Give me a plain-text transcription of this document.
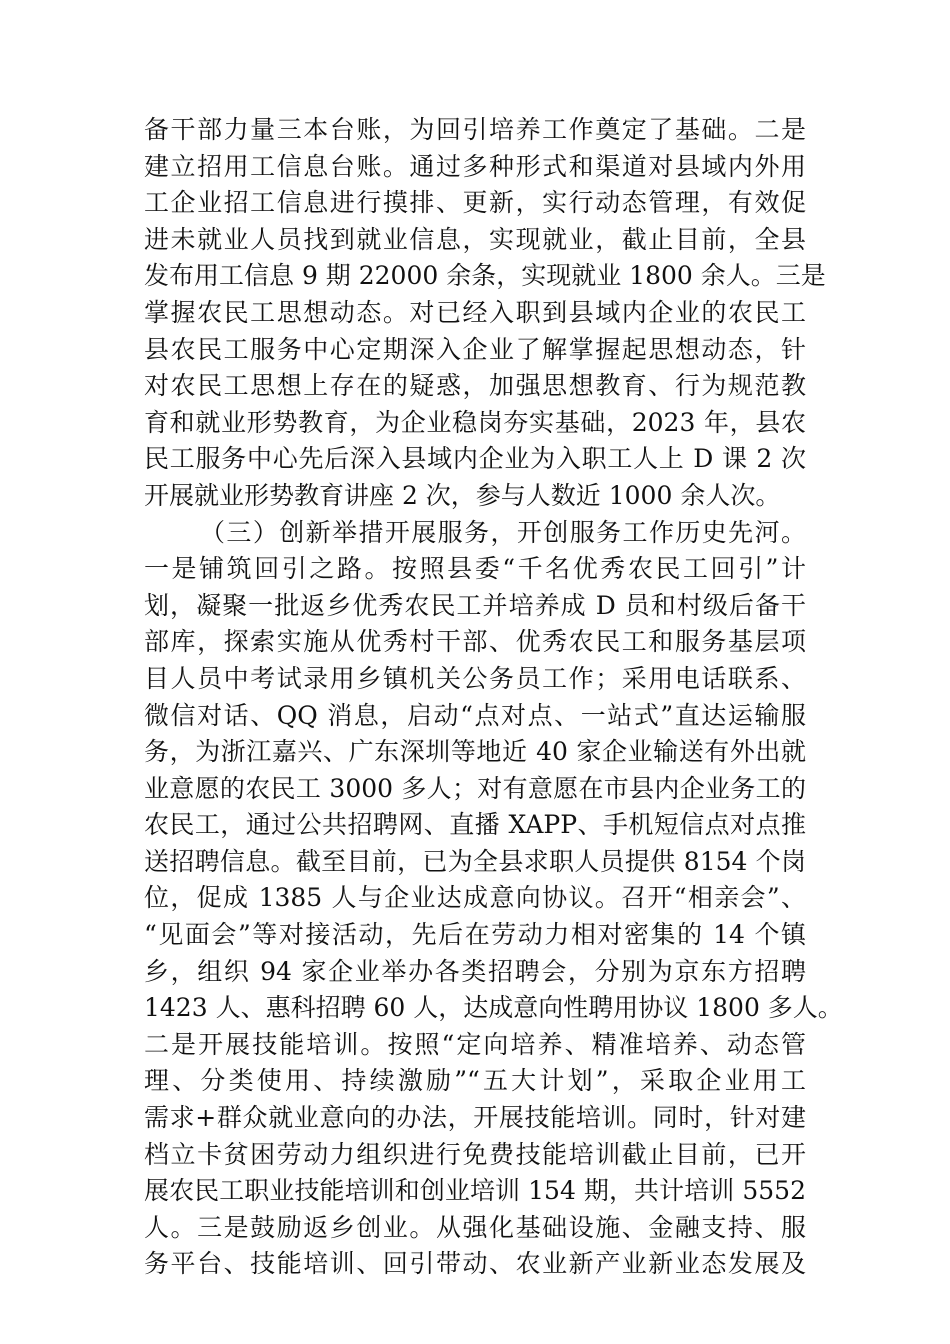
备干部力量三本台账，为回引培养工作奠定了基础。二是
建立招用工信息台账。通过多种形式和渠道对县域内外用
工企业招工信息进行摸排、更新，实行动态管理，有效促
进未就业人员找到就业信息，实现就业，截止目前，全县
发布用工信息 9 期 22000 余条，实现就业 1800 余人。三是
掌握农民工思想动态。对已经入职到县域内企业的农民工
县农民工服务中心定期深入企业了解掌握起思想动态，针
对农民工思想上存在的疑惑，加强思想教育、行为规范教
育和就业形势教育，为企业稳岗夯实基础，2023 年，县农
民工服务中心先后深入县域内企业为入职工人上 D 课 2 次
开展就业形势教育讲座 2 次，参与人数近 1000 余人次。
（三）创新举措开展服务，开创服务工作历史先河。
一是铺筑回引之路。按照县委“千名优秀农民工回引”计
划，凝聚一批返乡优秀农民工并培养成 D 员和村级后备干
部库，探索实施从优秀村干部、优秀农民工和服务基层项
目人员中考试录用乡镇机关公务员工作；采用电话联系、
微信对话、QQ 消息，启动“点对点、一站式”直达运输服
务，为浙江嘉兴、广东深圳等地近 40 家企业输送有外出就
业意愿的农民工 3000 多人；对有意愿在市县内企业务工的
农民工，通过公共招聘网、直播 XAPP、手机短信点对点推
送招聘信息。截至目前，已为全县求职人员提供 8154 个岗
位，促成 1385 人与企业达成意向协议。召开“相亲会”、
“见面会”等对接活动，先后在劳动力相对密集的 14 个镇
乡，组织 94 家企业举办各类招聘会，分别为京东方招聘
1423 人、惠科招聘 60 人，达成意向性聘用协议 1800 多人。
二是开展技能培训。按照“定向培养、精准培养、动态管
理、分类使用、持续激励”“五大计划”，采取企业用工
需求+群众就业意向的办法，开展技能培训。同时，针对建
档立卡贫困劳动力组织进行免费技能培训截止目前，已开
展农民工职业技能培训和创业培训 154 期，共计培训 5552
人。三是鼓励返乡创业。从强化基础设施、金融支持、服
务平台、技能培训、回引带动、农业新产业新业态发展及
